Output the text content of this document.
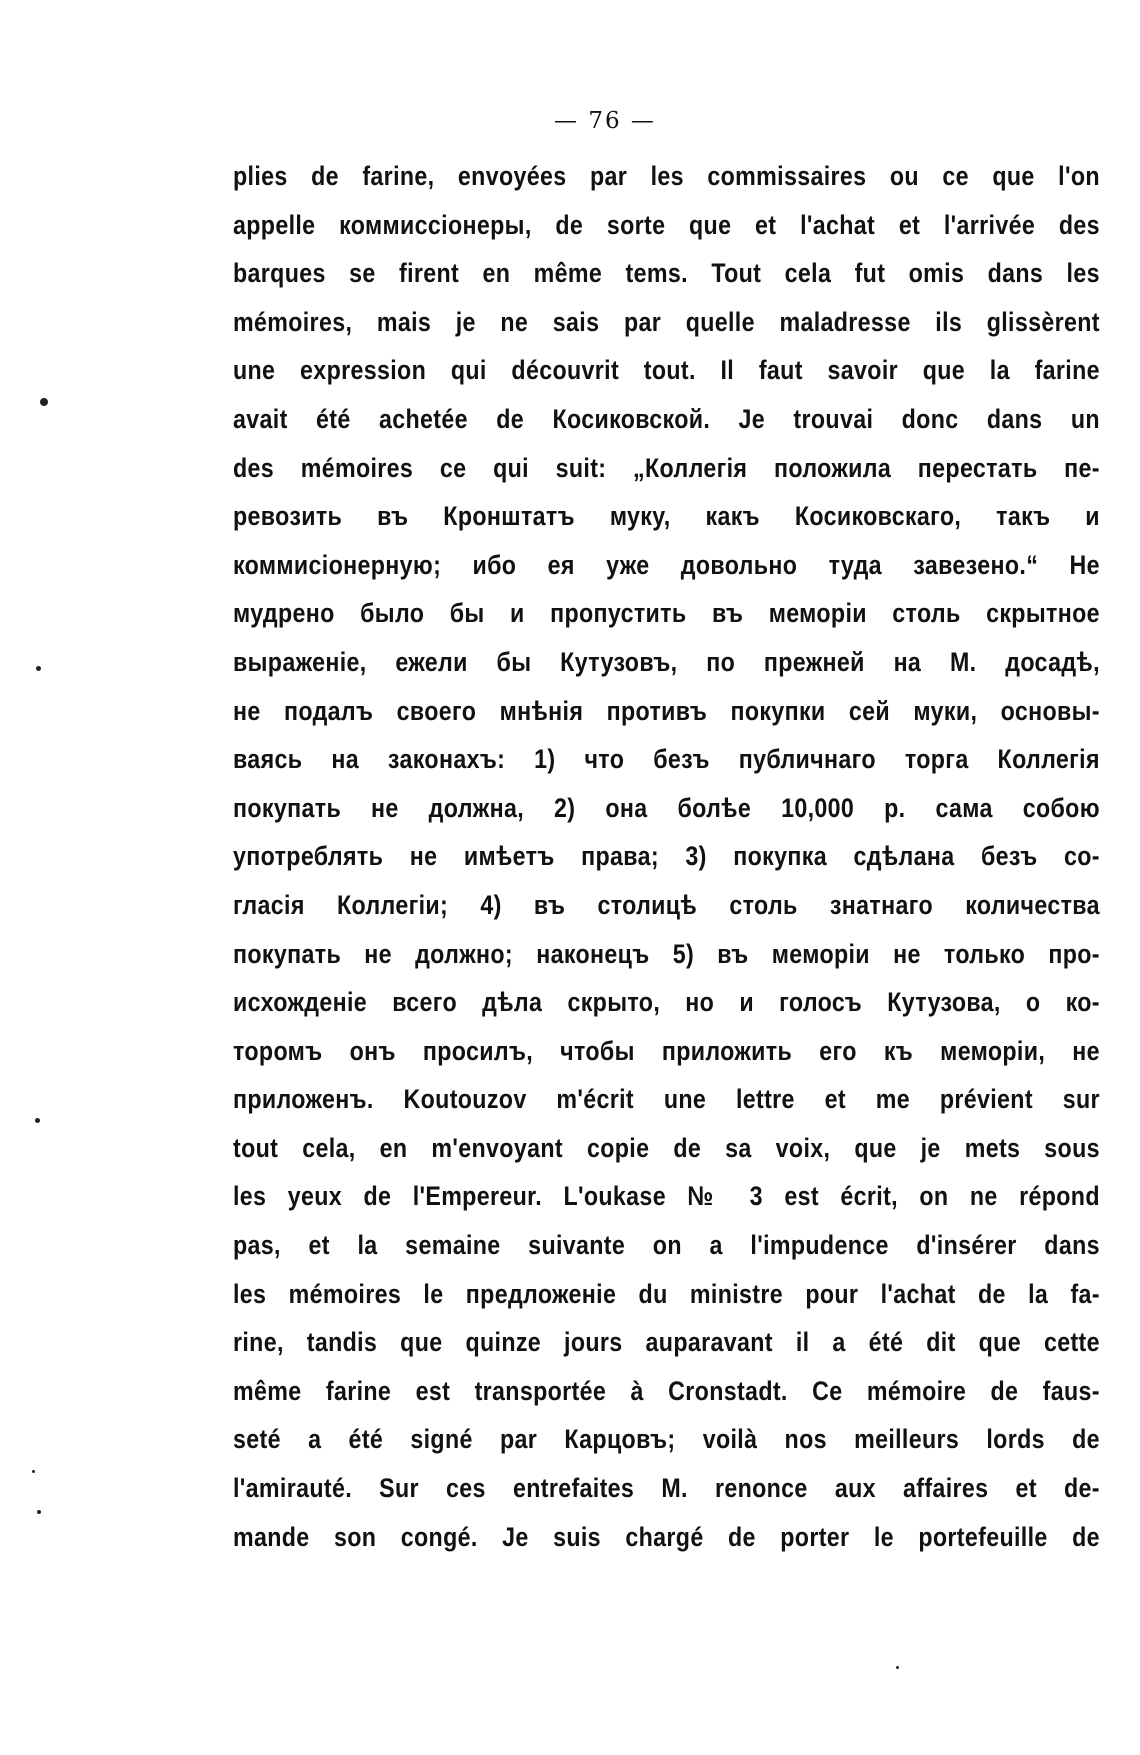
— 76 —
plies de farine, envoyées par les commissaires ou ce que l'on
appelle коммиссіонеры, de sorte que et l'achat et l'arrivée des
barques se firent en même tems. Tout cela fut omis dans les
mémoires, mais je ne sais par quelle maladresse ils glissèrent
une expression qui découvrit tout. Il faut savoir que la farine
avait été achetée de Косиковской. Je trouvai donc dans un
des mémoires ce qui suit: „Коллегія положила перестать пе-
ревозить въ Кронштатъ муку, какъ Косиковскаго, такъ и
коммисіонерную; ибо ея уже довольно туда завезено.“ Не
мудрено было бы и пропустить въ меморіи столь скрытное
выраженіе, ежели бы Кутузовъ, по прежней на М. досадѣ,
не подалъ своего мнѣнія противъ покупки сей муки, основы-
ваясь на законахъ: 1) что безъ публичнаго торга Коллегія
покупать не должна, 2) она болѣе 10,000 р. сама собою
употреблять не имѣетъ права; 3) покупка сдѣлана безъ со-
гласія Коллегіи; 4) въ столицѣ столь знатнаго количества
покупать не должно; наконецъ 5) въ меморіи не только про-
исхожденіе всего дѣла скрыто, но и голосъ Кутузова, о ко-
торомъ онъ просилъ, чтобы приложить его къ меморіи, не
приложенъ. Koutouzov m'écrit une lettre et me prévient sur
tout cela, en m'envoyant copie de sa voix, que je mets sous
les yeux de l'Empereur. L'oukase № 3 est écrit, on ne répond
pas, et la semaine suivante on a l'impudence d'insérer dans
les mémoires le предложеніе du ministre pour l'achat de la fa-
rine, tandis que quinze jours auparavant il a été dit que cette
même farine est transportée à Cronstadt. Ce mémoire de faus-
seté a été signé par Карцовъ; voilà nos meilleurs lords de
l'amirauté. Sur ces entrefaites M. renonce aux affaires et de-
mande son congé. Je suis chargé de porter le portefeuille de
